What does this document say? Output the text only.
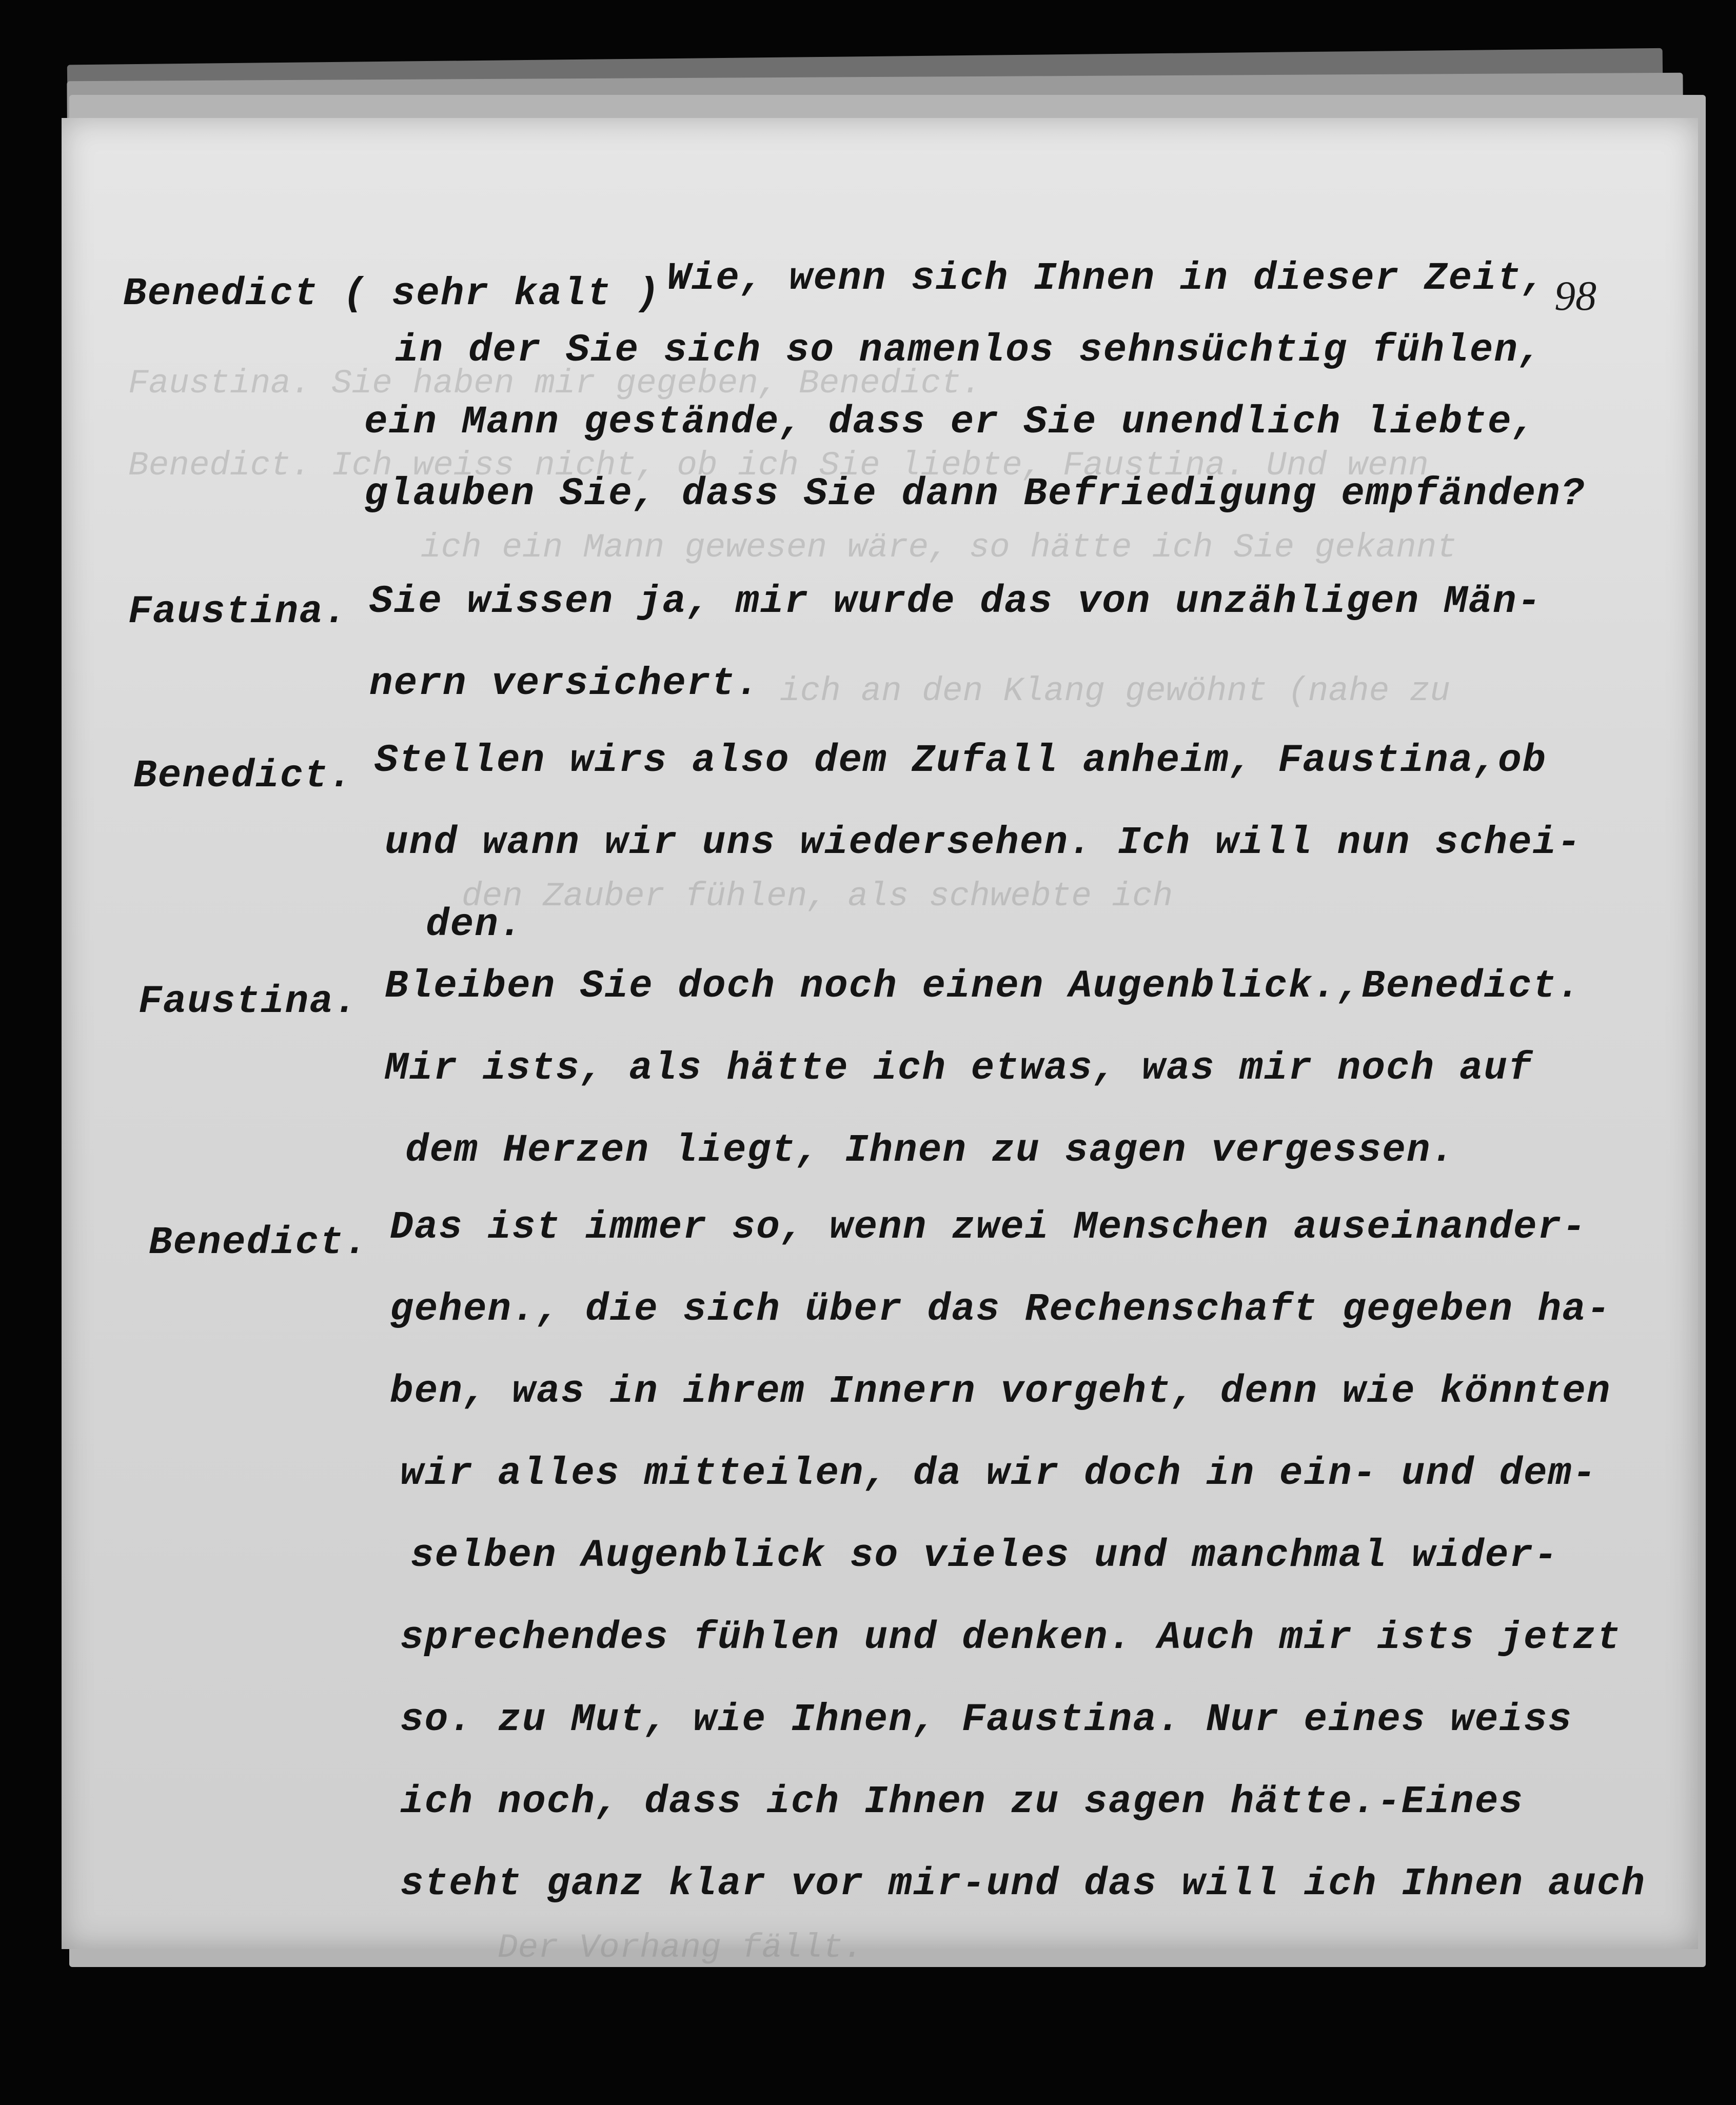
Faustina. Sie haben mir gegeben, Benedict.
Benedict. Ich weiss nicht, ob ich Sie liebte, Faustina. Und wenn
ich ein Mann gewesen wäre, so hätte ich Sie gekannt
ich an den Klang gewöhnt (nahe zu
den Zauber fühlen, als schwebte ich
Der Vorhang fällt.
98
Benedict ( sehr kalt ) Wie, wenn sich Ihnen in dieser Zeit,
in der Sie sich so namenlos sehnsüchtig fühlen,
ein Mann gestände, dass er Sie unendlich liebte,
glauben Sie, dass Sie dann Befriedigung empfänden?
Faustina. Sie wissen ja, mir wurde das von unzähligen Män-
nern versichert.
Benedict. Stellen wirs also dem Zufall anheim, Faustina,ob
und wann wir uns wiedersehen. Ich will nun schei-
den.
Faustina. Bleiben Sie doch noch einen Augenblick.,Benedict.
Mir ists, als hätte ich etwas, was mir noch auf
dem Herzen liegt, Ihnen zu sagen vergessen.
Benedict. Das ist immer so, wenn zwei Menschen auseinander-
gehen., die sich über das Rechenschaft gegeben ha-
ben, was in ihrem Innern vorgeht, denn wie könnten
wir alles mitteilen, da wir doch in ein- und dem-
selben Augenblick so vieles und manchmal wider-
sprechendes fühlen und denken. Auch mir ists jetzt
so. zu Mut, wie Ihnen, Faustina. Nur eines weiss
ich noch, dass ich Ihnen zu sagen hätte.-Eines
steht ganz klar vor mir-und das will ich Ihnen auch
